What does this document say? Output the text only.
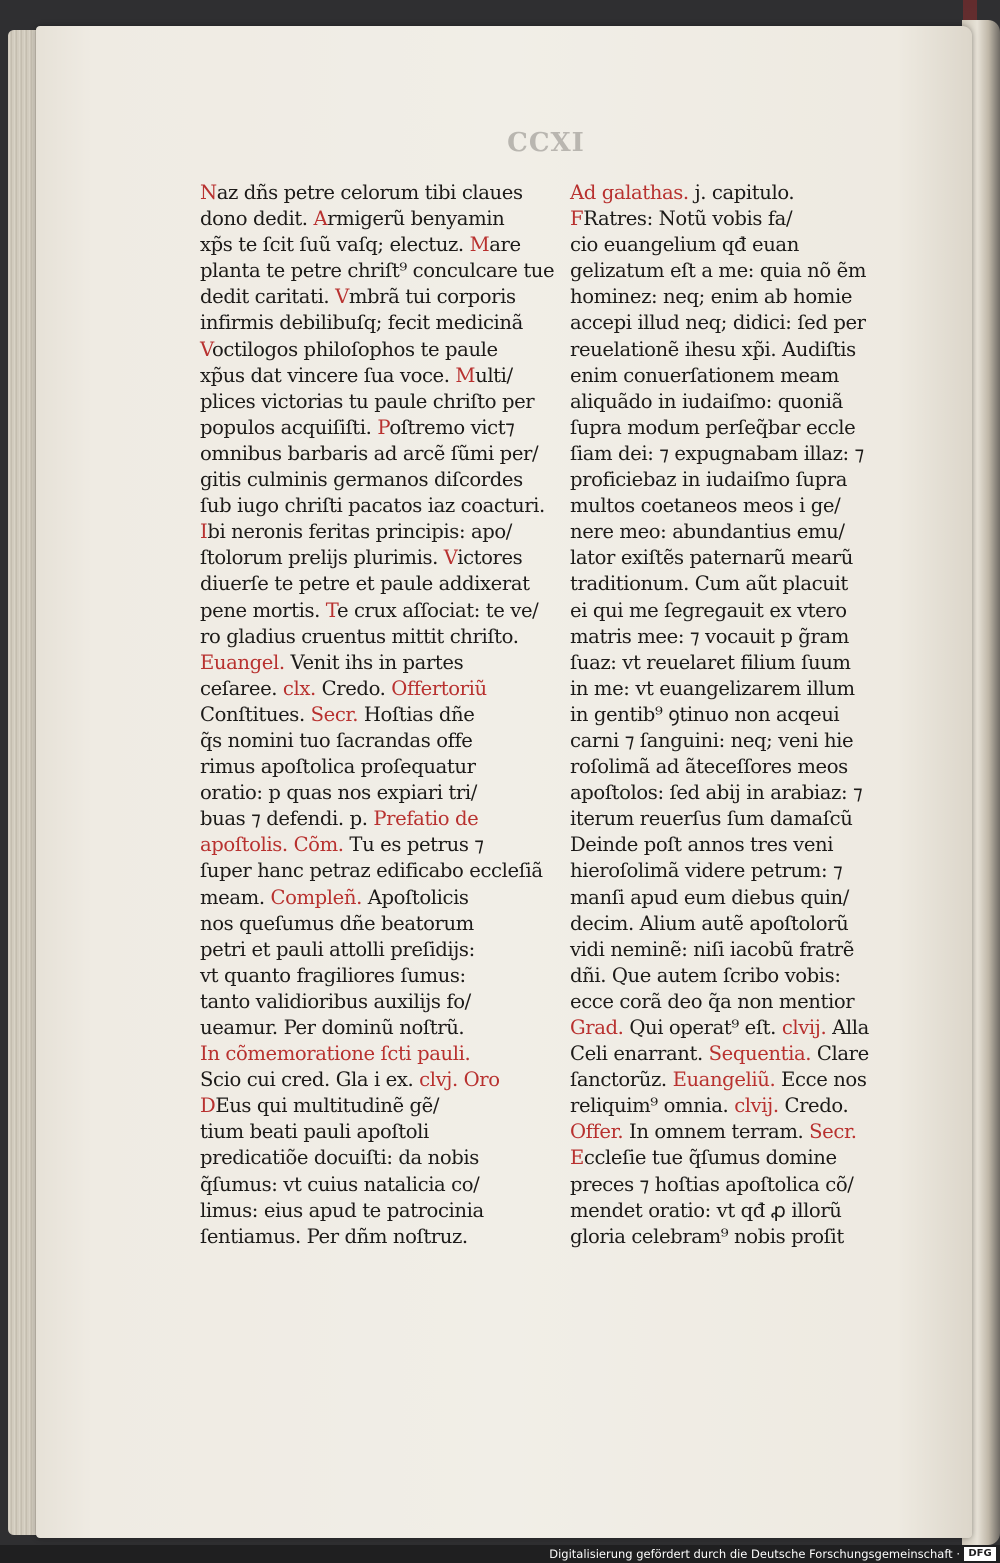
CCXI
Naz dñs petre celorum tibi claues
dono dedit. Armigerũ benyamin
xp̃s te ſcit ſuũ vaſq; electuz. Mare
planta te petre chriſt⁹ conculcare tue
dedit caritati. Vmbrã tui corporis
infirmis debilibuſq; fecit medicinã
Voctilogos philoſophos te paule
xp̃us dat vincere ſua voce. Multi/
plices victorias tu paule chriſto per
populos acquiſiſti. Poſtremo vict⁊
omnibus barbaris ad arcẽ ſũmi per/
gitis culminis germanos diſcordes
ſub iugo chriſti pacatos iaz coacturi.
Ibi neronis feritas principis: apo/
ſtolorum prelijs plurimis. Victores
diuerſe te petre et paule addixerat
pene mortis. Te crux aſſociat: te ve/
ro gladius cruentus mittit chriſto.
Euangel. Venit ihs in partes
ceſaree. clx. Credo. Offertoriũ
Conſtitues. Secr. Hoſtias dñe
q̃s nomini tuo ſacrandas offe
rimus apoſtolica proſequatur
oratio: p quas nos expiari tri/
buas ⁊ defendi. p. Prefatio de
apoſtolis. Cõm. Tu es petrus ⁊
ſuper hanc petraz edificabo eccleſiã
meam. Compleñ. Apoſtolicis
nos queſumus dñe beatorum
petri et pauli attolli preſidijs:
vt quanto fragiliores ſumus:
tanto validioribus auxilijs fo/
ueamur. Per dominũ noſtrũ.
In cõmemoratione ſcti pauli.
Scio cui cred. Gla i ex. clvj. Oro
DEus qui multitudinẽ gẽ/
tium beati pauli apoſtoli
predicatiõe docuiſti: da nobis
q̃ſumus: vt cuius natalicia co/
limus: eius apud te patrocinia
ſentiamus. Per dñm noſtruz.
Ad galathas. j. capitulo.
FRatres: Notũ vobis fa/
cio euangelium qđ euan
gelizatum eſt a me: quia nõ ẽm
hominez: neq; enim ab homie
accepi illud neq; didici: ſed per
reuelationẽ ihesu xp̃i. Audiſtis
enim conuerſationem meam
aliquãdo in iudaiſmo: quoniã
ſupra modum perſeq̃bar eccle
ſiam dei: ⁊ expugnabam illaz: ⁊
proficiebaz in iudaiſmo ſupra
multos coetaneos meos i ge/
nere meo: abundantius emu/
lator exiſtẽs paternarũ mearũ
traditionum. Cum aũt placuit
ei qui me ſegregauit ex vtero
matris mee: ⁊ vocauit p g̃ram
ſuaz: vt reuelaret filium ſuum
in me: vt euangelizarem illum
in gentib⁹ ꝯtinuo non acqeui
carni ⁊ ſanguini: neq; veni hie
roſolimã ad ãteceſſores meos
apoſtolos: ſed abij in arabiaz: ⁊
iterum reuerſus ſum damaſcũ
Deinde poſt annos tres veni
hieroſolimã videre petrum: ⁊
manſi apud eum diebus quin/
decim. Alium autẽ apoſtolorũ
vidi neminẽ: niſi iacobũ fratrẽ
dñi. Que autem ſcribo vobis:
ecce corã deo q̃a non mentior
Grad. Qui operat⁹ eſt. clvij. Alla
Celi enarrant. Sequentia. Clare
ſanctorũz. Euangeliũ. Ecce nos
reliquim⁹ omnia. clvij. Credo.
Offer. In omnem terram. Secr.
Eccleſie tue q̃ſumus domine
preces ⁊ hoſtias apoſtolica cõ/
mendet oratio: vt qđ ꝓ illorũ
gloria celebram⁹ nobis proſit
Digitalisierung gefördert durch die Deutsche Forschungsgemeinschaft · DFG
